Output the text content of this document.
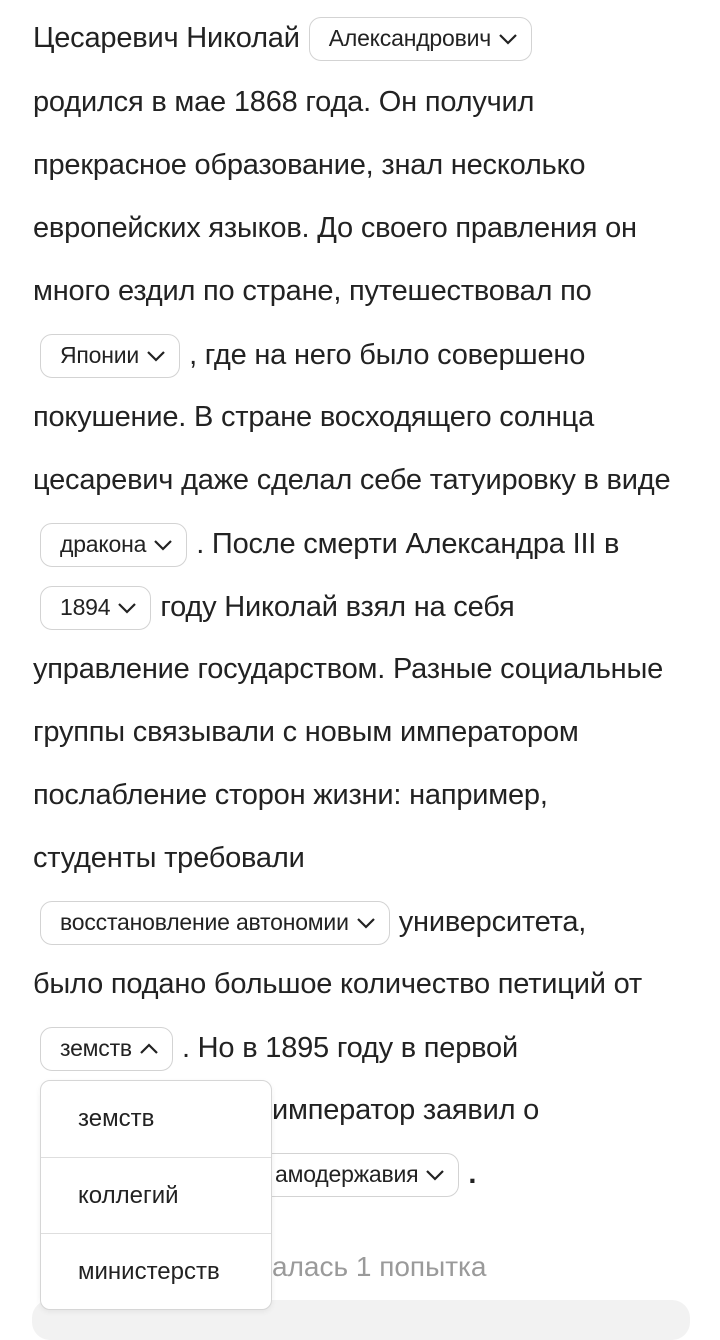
Цесаревич Николай Александрович
родился в мае 1868 года. Он получил
прекрасное образование, знал несколько
европейских языков. До своего правления он
много ездил по стране, путешествовал по
Японии , где на него было совершено
покушение. В стране восходящего солнца
цесаревич даже сделал себе татуировку в виде
дракона . После смерти Александра III в
1894 году Николай взял на себя
управление государством. Разные социальные
группы связывали с новым императором
послабление сторон жизни: например,
студенты требовали
восстановление автономии университета,
было подано большое количество петиций от
земств . Но в 1895 году в первой
император заявил о
амодержавия .
алась 1 попытка
земств
коллегий
министерств
